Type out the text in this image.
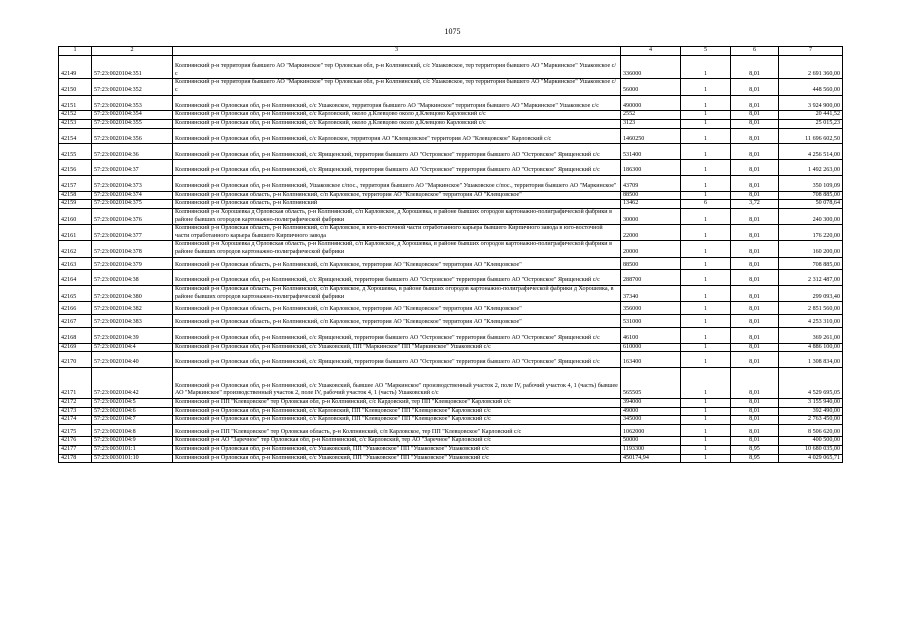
1075
1	2	3	4	5	6	7
42149	57:23:0020104:351	Колпнянский р-н территория бывшего АО "Маркинское" тер Орловская обл, р-н Колпнянский, с/с Ушаковское, тер территория бывшего АО "Маркинское" Ушаковское с/с	336000	1	8,01	2 691 360,00
42150	57:23:0020104:352	Колпнянский р-н территория бывшего АО "Маркинское" тер Орловская обл, р-н Колпнянский, с/с Ушаковское, тер территория бывшего АО "Маркинское" Ушаковское с/с	56000	1	8,01	448 560,00
42151	57:23:0020104:353	Колпнянский р-н Орловская обл, р-н Колпнянский, с/с Ушаковское, территория бывшего АО "Маркинское" территория бывшего АО "Маркинское" Ушаковское с/с	490000	1	8,01	3 924 900,00
42152	57:23:0020104:354	Колпнянский р-н Орловская обл, р-н Колпнянский, с/с Карловский, около д.Клевцово около д.Клевцово Карловский с/с	2552	1	8,01	20 441,52
42153	57:23:0020104:355	Колпнянский р-н Орловская обл, р-н Колпнянский, с/с Карловский, около д.Клевцово около д.Клевцово Карловский с/с	3123	1	8,01	25 015,23
42154	57:23:0020104:356	Колпнянский р-н Орловская обл, р-н Колпнянский, с/с Карловское, территория АО "Клевцовское" территория АО "Клевцовское" Карловский с/с	1460250	1	8,01	11 696 602,50
42155	57:23:0020104:36	Колпнянский р-н Орловская обл, р-н Колпнянский, с/с Ярищенский, территория бывшего АО "Островское" территория бывшего АО "Островское" Ярищенский с/с	531400	1	8,01	4 256 514,00
42156	57:23:0020104:37	Колпнянский р-н Орловская обл, р-н Колпнянский, с/с Ярищенский, территория бывшего АО "Островское" территория бывшего АО "Островское" Ярищенский с/с	186300	1	8,01	1 492 263,00
42157	57:23:0020104:373	Колпнянский р-н Орловская обл, р-н Колпнянский, Ушаковское с/пос., территория бывшего АО "Маркинское" Ушаковское с/пос., территория бывшего АО "Маркинское"	43709	1	8,01	350 109,09
42158	57:23:0020104:374	Колпнянский р-н Орловская область, р-н Колпнянский, с/п Карловское, территория АО "Клевцовское" территория АО "Клевцовское"	88500	1	8,01	708 885,00
42159	57:23:0020104:375	Колпнянский р-н Орловская область, р-н Колпнянский	13462	6	3,72	50 078,64
42160	57:23:0020104:376	Колпнянский р-н Хорошевка д Орловская область, р-н Колпнянский, с/п Карловское, д Хорошевка, в районе бывших огородов картонажно-полиграфической фабрики в районе бывших огородов картонажно-полиграфической фабрики	30000	1	8,01	240 300,00
42161	57:23:0020104:377	Колпнянский р-н Орловская область, р-н Колпнянский, с/п Карловское, в юго-восточной части отработанного карьера бывшего Кирпичного завода в юго-восточной части отработанного карьера бывшего Кирпичного завода	22000	1	8,01	176 220,00
42162	57:23:0020104:378	Колпнянский р-н Хорошевка д Орловская область, р-н Колпнянский, с/п Карловское, д Хорошевка, в районе бывших огородов картонажно-полиграфической фабрики в районе бывших огородов картонажно-полиграфической фабрики	20000	1	8,01	160 200,00
42163	57:23:0020104:379	Колпнянский р-н Орловская область, р-н Колпнянский, с/п Карловское, территория АО "Клевцовское" территория АО "Клевцовское"	88500	1	8,01	708 885,00
42164	57:23:0020104:38	Колпнянский р-н Орловская обл, р-н Колпнянский, с/с Ярищенский, территория бывшего АО "Островское" территория бывшего АО "Островское" Ярищенский с/с	288700	1	8,01	2 312 487,00
42165	57:23:0020104:380	Колпнянский р-н Орловская область, р-н Колпнянский, с/п Карловское, д Хорошевка, в районе бывших огородов картонажно-полиграфической фабрики д Хорошевка, в районе бывших огородов картонажно-полиграфической фабрики	37340	1	8,01	299 093,40
42166	57:23:0020104:382	Колпнянский р-н Орловская область, р-н Колпнянский, с/п Карловское, территория АО "Клевцовское" территория АО "Клевцовское"	356000	1	8,01	2 851 560,00
42167	57:23:0020104:383	Колпнянский р-н Орловская область, р-н Колпнянский, с/п Карловское, территория АО "Клевцовское" территория АО "Клевцовское"	531000	1	8,01	4 253 310,00
42168	57:23:0020104:39	Колпнянский р-н Орловская обл, р-н Колпнянский, с/с Ярищенский, территория бывшего АО "Островское" территория бывшего АО "Островское" Ярищенский с/с	46100	1	8,01	369 261,00
42169	57:23:0020104:4	Колпнянский р-н Орловская обл, р-н Колпнянский, с/с Ушаковский, ПП "Маркинское" ПП "Маркинское" Ушаковский с/с	610000	1	8,01	4 886 100,00
42170	57:23:0020104:40	Колпнянский р-н Орловская обл, р-н Колпнянский, с/с Ярищенский, территория бывшего АО "Островское" территория бывшего АО "Островское" Ярищенский с/с	163400	1	8,01	1 308 834,00
42171	57:23:0020104:42	Колпнянский р-н Орловская обл, р-н Колпнянский, с/с Ушаковский, бывшее АО "Маркинское" производственный участок 2, поле IV, рабочий участок 4, 1 (часть) бывшее АО "Маркинское" производственный участок 2, поле IV, рабочий участок 4, 1 (часть) Ушаковский с/с	565505	1	8,01	4 529 695,05
42172	57:23:0020104:5	Колпнянский р-н ПП "Клевцовское" тер Орловская обл, р-н Колпнянский, с/с Кардовский, тер ПП "Клевцовское" Карловский с/с	394000	1	8,01	3 155 940,00
42173	57:23:0020104:6	Колпнянский р-н Орловская обл, р-н Колпнянский, с/с Карловский, ПП "Клевцовское" ПП "Клевцовское" Карловский с/с	49000	1	8,01	392 490,00
42174	57:23:0020104:7	Колпнянский р-н Орловская обл, р-н Колпнянский, с/с Карловский, ПП "Клевцовское" ПП "Клевцовское" Карловский с/с	345000	1	8,01	2 763 450,00
42175	57:23:0020104:8	Колпнянский р-н ПП "Клевцовское" тер Орловская область, р-н Колпнянский, с/п Карловское, тер ПП "Клевцовское" Карловский с/с	1062000	1	8,01	8 506 620,00
42176	57:23:0020104:9	Колпнянский р-н АО "Заречное" тер Орловская обл, р-н Колпнянский, с/с Карловский, тер АО "Заречное" Карловский с/с	50000	1	8,01	400 500,00
42177	57:23:0030101:1	Колпнянский р-н Орловская обл, р-н Колпнянский, с/с Ушаковский, ПП "Ушаковское" ПП "Ушаковское" Ушаковский с/с	1193300	1	8,95	10 680 035,00
42178	57:23:0030101:10	Колпнянский р-н Орловская обл, р-н Колпнянский, с/с Ушаковский, ПП "Ушаковское" ПП "Ушаковское" Ушаковский с/с	450174,94	1	8,95	4 029 065,71
